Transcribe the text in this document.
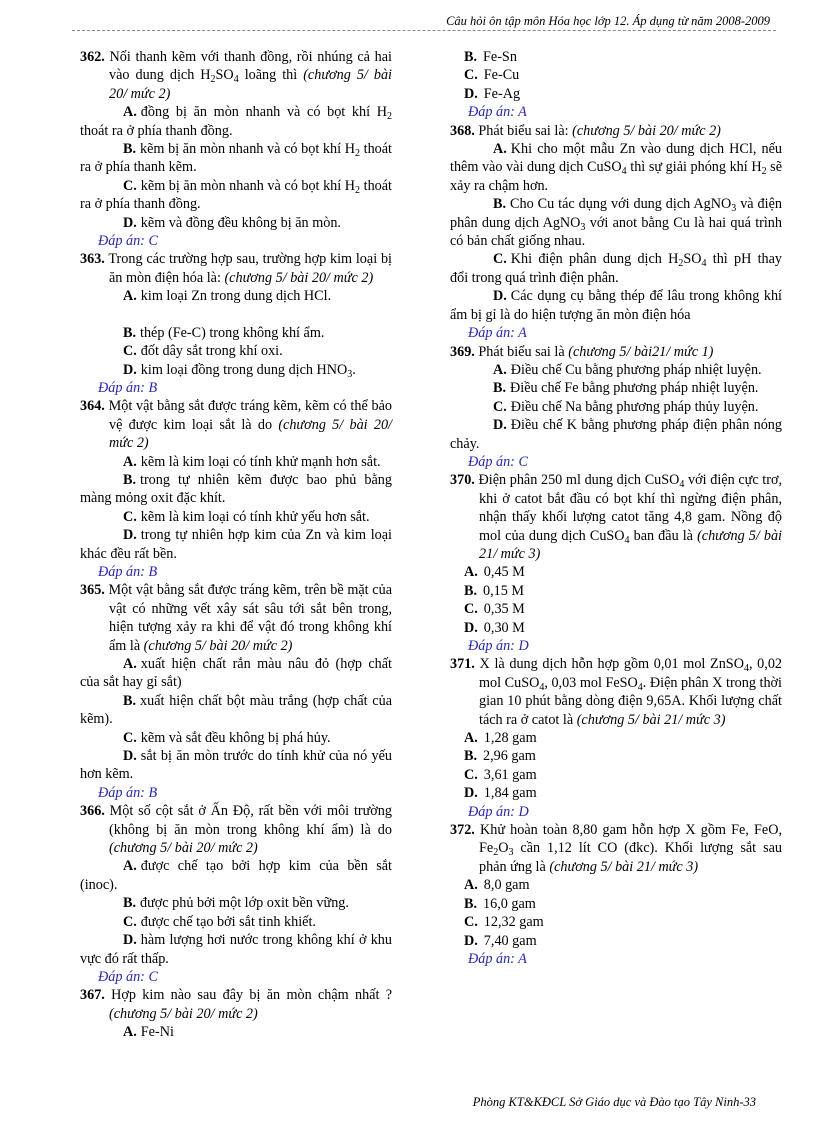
Câu hỏi ôn tập môn Hóa học lớp 12. Áp dụng từ năm 2008-2009
362. Nối thanh kẽm với thanh đồng, rồi nhúng cả hai vào dung dịch $H_2SO_4$ loãng thì (chương 5/ bài 20/ mức 2)
A. đồng bị ăn mòn nhanh và có bọt khí $H_2$ thoát ra ở phía thanh đồng.
B. kẽm bị ăn mòn nhanh và có bọt khí $H_2$ thoát ra ở phía thanh kẽm.
C. kẽm bị ăn mòn nhanh và có bọt khí $H_2$ thoát ra ở phía thanh đồng.
D. kẽm và đồng đều không bị ăn mòn.
Đáp án: C
363. Trong các trường hợp sau, trường hợp kim loại bị ăn mòn điện hóa là: (chương 5/ bài 20/ mức 2)
A. kim loại Zn trong dung dịch HCl.
B. thép (Fe-C) trong không khí ẩm.
C. đốt dây sắt trong khí oxi.
D. kim loại đồng trong dung dịch $HNO_3$.
Đáp án: B
364. Một vật bằng sắt được tráng kẽm, kẽm có thể bảo vệ được kim loại sắt là do (chương 5/ bài 20/ mức 2)
A. kẽm là kim loại có tính khử mạnh hơn sắt.
B. trong tự nhiên kẽm được bao phủ bằng màng mỏng oxit đặc khít.
C. kẽm là kim loại có tính khử yếu hơn sắt.
D. trong tự nhiên hợp kim của Zn và kim loại khác đều rất bền.
Đáp án: B
365. Một vật bằng sắt được tráng kẽm, trên bề mặt của vật có những vết xây sát sâu tới sắt bên trong, hiện tượng xảy ra khi để vật đó trong không khí ẩm là (chương 5/ bài 20/ mức 2)
A. xuất hiện chất rắn màu nâu đỏ (hợp chất của sắt hay gỉ sắt)
B. xuất hiện chất bột màu trắng (hợp chất của kẽm).
C. kẽm và sắt đều không bị phá hủy.
D. sắt bị ăn mòn trước do tính khử của nó yếu hơn kẽm.
Đáp án: B
366. Một số cột sắt ở Ấn Độ, rất bền với môi trường (không bị ăn mòn trong không khí ẩm) là do (chương 5/ bài 20/ mức 2)
A. được chế tạo bởi hợp kim của bền sắt (inoc).
B. được phủ bởi một lớp oxit bền vững.
C. được chế tạo bởi sắt tinh khiết.
D. hàm lượng hơi nước trong không khí ở khu vực đó rất thấp.
Đáp án: C
367. Hợp kim nào sau đây bị ăn mòn chậm nhất ? (chương 5/ bài 20/ mức 2)
A. Fe-Ni
B. Fe-Sn
C. Fe-Cu
D. Fe-Ag
Đáp án: A
368. Phát biểu sai là: (chương 5/ bài 20/ mức 2)
A. Khi cho một mẫu Zn vào dung dịch HCl, nếu thêm vào vài dung dịch CuSO$_4$ thì sự giải phóng khí $H_2$ sẽ xảy ra chậm hơn.
B. Cho Cu tác dụng với dung dịch AgNO$_3$ và điện phân dung dịch AgNO$_3$ với anot bằng Cu là hai quá trình có bản chất giống nhau.
C. Khi điện phân dung dịch $H_2SO_4$ thì pH thay đổi trong quá trình điện phân.
D. Các dụng cụ bằng thép để lâu trong không khí ẩm bị gỉ là do hiện tượng ăn mòn điện hóa
Đáp án: A
369. Phát biểu sai là (chương 5/ bài21/ mức 1)
A. Điều chế Cu bằng phương pháp nhiệt luyện.
B. Điều chế Fe bằng phương pháp nhiệt luyện.
C. Điều chế Na bằng phương pháp thủy luyện.
D. Điều chế K bằng phương pháp điện phân nóng chảy.
Đáp án: C
370. Điện phân 250 ml dung dịch CuSO$_4$ với điện cực trơ, khi ở catot bắt đầu có bọt khí thì ngừng điện phân, nhận thấy khối lượng catot tăng 4,8 gam. Nồng độ mol của dung dịch CuSO$_4$ ban đầu là (chương 5/ bài 21/ mức 3)
A. 0,45 M
B. 0,15 M
C. 0,35 M
D. 0,30 M
Đáp án: D
371. X là dung dịch hỗn hợp gồm 0,01 mol ZnSO$_4$, 0,02 mol CuSO$_4$, 0,03 mol FeSO$_4$. Điện phân X trong thời gian 10 phút bằng dòng điện 9,65A. Khối lượng chất tách ra ở catot là (chương 5/ bài 21/ mức 3)
A. 1,28 gam
B. 2,96 gam
C. 3,61 gam
D. 1,84 gam
Đáp án: D
372. Khử hoàn toàn 8,80 gam hỗn hợp X gồm Fe, FeO, $Fe_2O_3$ cần 1,12 lít CO (đkc). Khối lượng sắt sau phản ứng là (chương 5/ bài 21/ mức 3)
A. 8,0 gam
B. 16,0 gam
C. 12,32 gam
D. 7,40 gam
Đáp án: A
Phòng KT&KĐCL Sở Giáo dục và Đào tạo Tây Ninh-33
